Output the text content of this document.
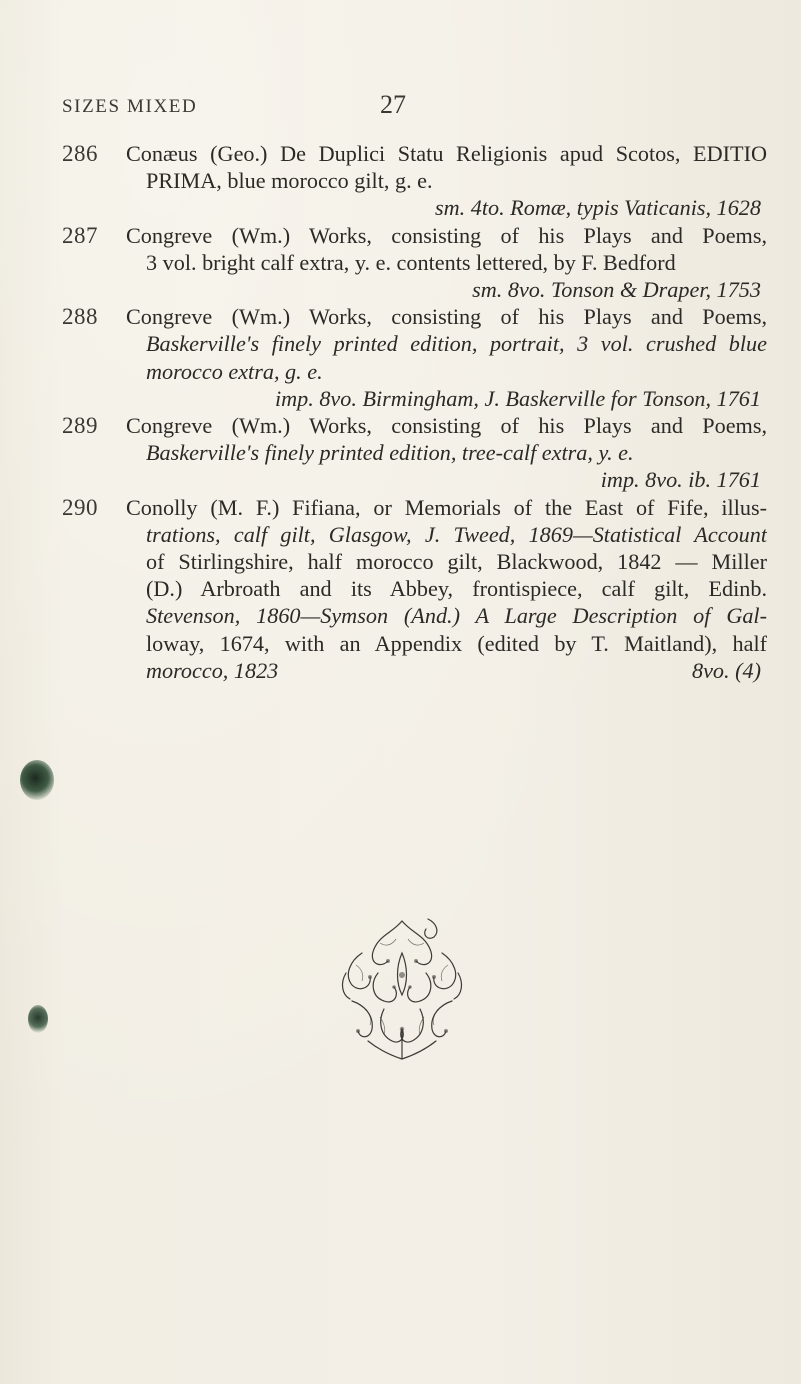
SIZES MIXED	27
286 Conæus (Geo.) De Duplici Statu Religionis apud Scotos, EDITIO
PRIMA, blue morocco gilt, g. e.
sm. 4to. Romæ, typis Vaticanis, 1628
287 Congreve (Wm.) Works, consisting of his Plays and Poems,
3 vol. bright calf extra, y. e. contents lettered, by F. Bedford
sm. 8vo. Tonson & Draper, 1753
288 Congreve (Wm.) Works, consisting of his Plays and Poems,
Baskerville's finely printed edition, portrait, 3 vol. crushed blue
morocco extra, g. e.
imp. 8vo. Birmingham, J. Baskerville for Tonson, 1761
289 Congreve (Wm.) Works, consisting of his Plays and Poems,
Baskerville's finely printed edition, tree-calf extra, y. e.
imp. 8vo. ib. 1761
290 Conolly (M. F.) Fifiana, or Memorials of the East of Fife, illus-
trations, calf gilt, Glasgow, J. Tweed, 1869—Statistical Account
of Stirlingshire, half morocco gilt, Blackwood, 1842 — Miller
(D.) Arbroath and its Abbey, frontispiece, calf gilt, Edinb.
Stevenson, 1860—Symson (And.) A Large Description of Gal-
loway, 1674, with an Appendix (edited by T. Maitland), half
morocco, 1823	8vo. (4)
